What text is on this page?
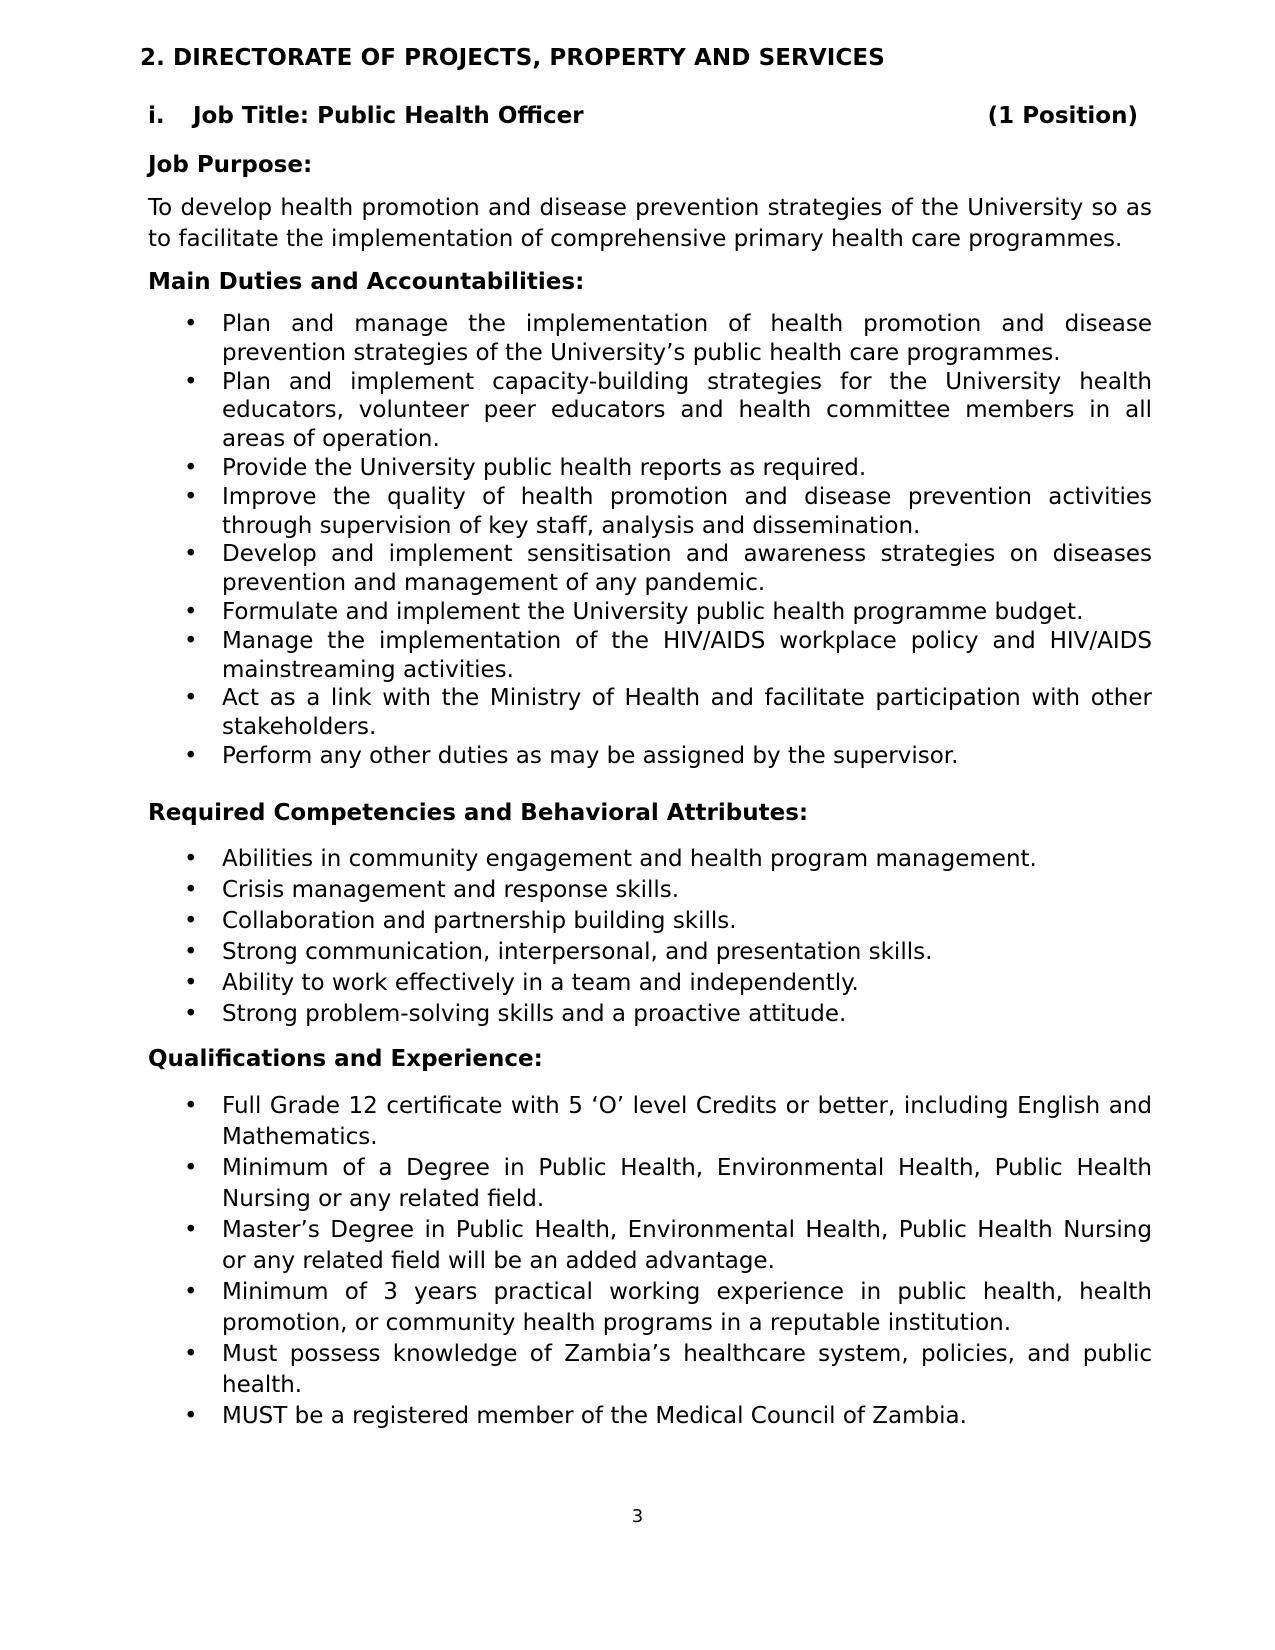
2. DIRECTORATE OF PROJECTS, PROPERTY AND SERVICES
i. Job Title: Public Health Officer	(1 Position)

Job Purpose:

To develop health promotion and disease prevention strategies of the University so as to facilitate the implementation of comprehensive primary health care programmes.

Main Duties and Accountabilities:

• Plan and manage the implementation of health promotion and disease prevention strategies of the University’s public health care programmes.
• Plan and implement capacity-building strategies for the University health educators, volunteer peer educators and health committee members in all areas of operation.
• Provide the University public health reports as required.
• Improve the quality of health promotion and disease prevention activities through supervision of key staff, analysis and dissemination.
• Develop and implement sensitisation and awareness strategies on diseases prevention and management of any pandemic.
• Formulate and implement the University public health programme budget.
• Manage the implementation of the HIV/AIDS workplace policy and HIV/AIDS mainstreaming activities.
• Act as a link with the Ministry of Health and facilitate participation with other stakeholders.
• Perform any other duties as may be assigned by the supervisor.

Required Competencies and Behavioral Attributes:

• Abilities in community engagement and health program management.
• Crisis management and response skills.
• Collaboration and partnership building skills.
• Strong communication, interpersonal, and presentation skills.
• Ability to work effectively in a team and independently.
• Strong problem-solving skills and a proactive attitude.

Qualifications and Experience:

• Full Grade 12 certificate with 5 ‘O’ level Credits or better, including English and Mathematics.
• Minimum of a Degree in Public Health, Environmental Health, Public Health Nursing or any related field.
• Master’s Degree in Public Health, Environmental Health, Public Health Nursing or any related field will be an added advantage.
• Minimum of 3 years practical working experience in public health, health promotion, or community health programs in a reputable institution.
• Must possess knowledge of Zambia’s healthcare system, policies, and public health.
• MUST be a registered member of the Medical Council of Zambia.
3
